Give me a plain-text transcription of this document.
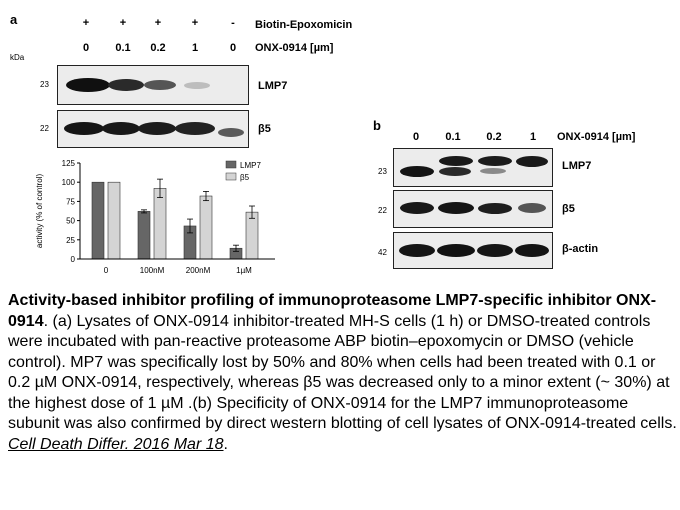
a
kDa
+	+	+	+	- Biotin-Epoxomicin
0 0.1 0.2 1	0 ONX-0914 [µm]
23	LMP7
22	β5
0
25
50
75
100
125
0	100nM	200nM	1µM
LMP7
β5
activity (% of control)
b
0 0.1 0.2	1 ONX-0914 [µm]
23	LMP7
22	β5
42	β-actin
Activity-based inhibitor profiling of immunoproteasome LMP7-specific inhibitor ONX-0914. (a) Lysates of ONX-0914 inhibitor-treated MH-S cells (1 h) or DMSO-treated controls were incubated with pan-reactive proteasome ABP biotin–epoxomycin or DMSO (vehicle control). MP7 was specifically lost by 50% and 80% when cells had been treated with 0.1 or 0.2 µM ONX-0914, respectively, whereas β5 was decreased only to a minor extent (~ 30%) at the highest dose of 1 µM .(b) Specificity of ONX-0914 for the LMP7 immunoproteasome subunit was also confirmed by direct western blotting of cell lysates of ONX-0914-treated cells. Cell Death Differ. 2016 Mar 18.
